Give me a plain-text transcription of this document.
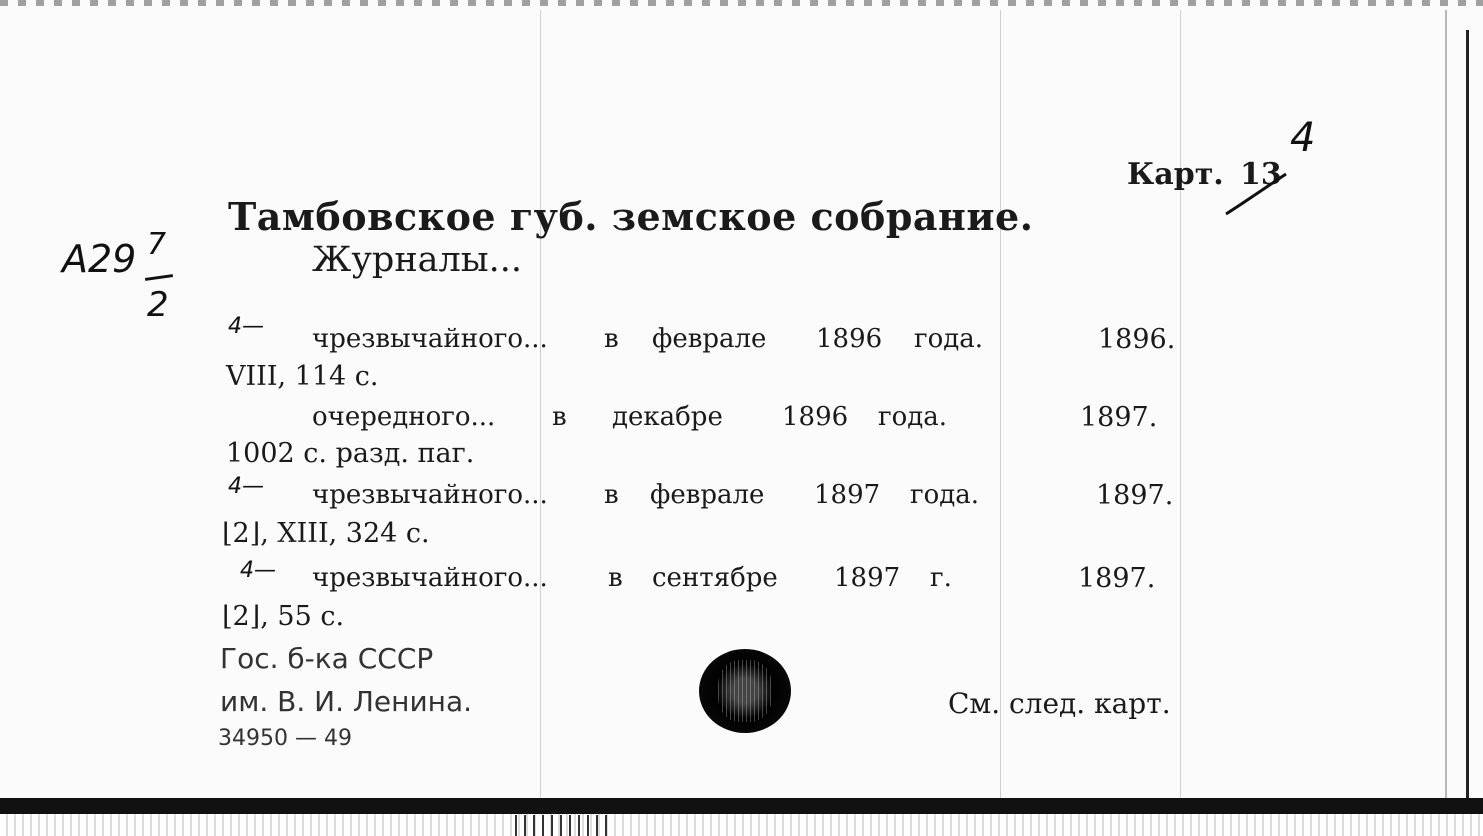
A29 7
2
Карт. 13
4
Тамбовское губ. земское собрание.
Журналы...
4— чрезвычайного... в феврале 1896 года.	1896.
VIII, 114 с.
очередного... в декабре 1896 года.	1897.
1002 с. разд. паг.
4— чрезвычайного... в феврале 1897 года.	1897.
⌊2⌋, XIII, 324 с.
4— чрезвычайного... в сентябре 1897 г.	1897.
⌊2⌋, 55 с.
Гос. б-ка СССР
им. В. И. Ленина.
34950 — 49
См. след. карт.
